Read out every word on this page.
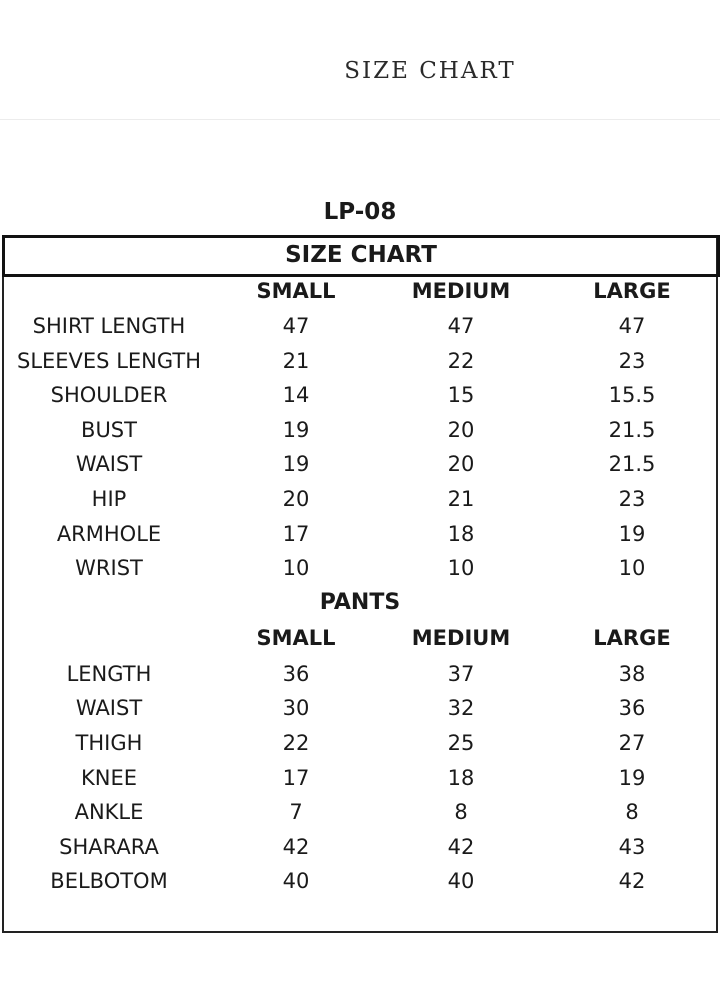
SIZE CHART
LP-08
SIZE CHART
SMALL	MEDIUM	LARGE
SHIRT LENGTH	47	47	47
SLEEVES LENGTH	21	22	23
SHOULDER	14	15	15.5
BUST	19	20	21.5
WAIST	19	20	21.5
HIP	20	21	23
ARMHOLE	17	18	19
WRIST	10	10	10
PANTS
SMALL	MEDIUM	LARGE
LENGTH	36	37	38
WAIST	30	32	36
THIGH	22	25	27
KNEE	17	18	19
ANKLE	7	8	8
SHARARA	42	42	43
BELBOTOM	40	40	42
